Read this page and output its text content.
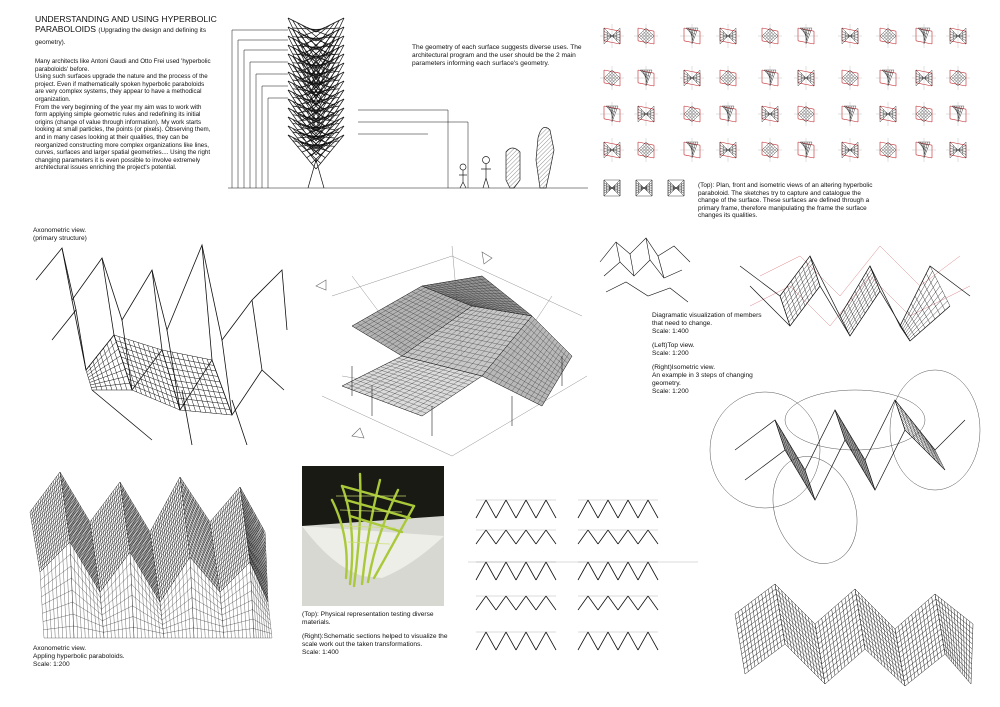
UNDERSTANDING AND USING HYPERBOLIC PARABOLOIDS (Upgrading the design and defining its geometry).

Many architects like Antoni Gaudi and Otto Frei used 'hyperbolic paraboloids' before.

Using such surfaces upgrade the nature and the process of the project. Even if mathematically spoken hyperbolic paraboloids are very complex systems, they appear to have a methodical organization.

From the very beginning of the year my aim was to work with form applying simple geometric rules and redefining its initial origins (change of value through information). My work starts looking at small particles, the points (or pixels). Observing them, and in many cases looking at their qualities, they can be reorganized constructing more complex organizations like lines, curves, surfaces and larger spatial geometries.... Using the right changing parameters it is even possible to involve extremely architectural issues enriching the project's potential.

The geometry of each surface suggests diverse uses. The architectural program and the user should be the 2 main parameters informing each surface's geometry.
(Top): Plan, front and isometric views of an altering hyperbolic paraboloid. The sketches try to capture and catalogue the change of the surface. These surfaces are defined through a primary frame, therefore manipulating the frame the surface changes its qualities.
Axonometric view.
(primary structure)
Axonometric view.
Appling hyperbolic paraboloids.
Scale: 1:200
(Top): Physical representation testing diverse materials.
(Right):Schematic sections helped to visualize the scale work out the taken transformations.
Scale: 1:400
Diagramatic visualization of members that need to change.
Scale: 1:400
(Left)Top view.
Scale: 1:200
(Right)Isometric view.
An example in 3 steps of changing geometry.
Scale: 1:200
